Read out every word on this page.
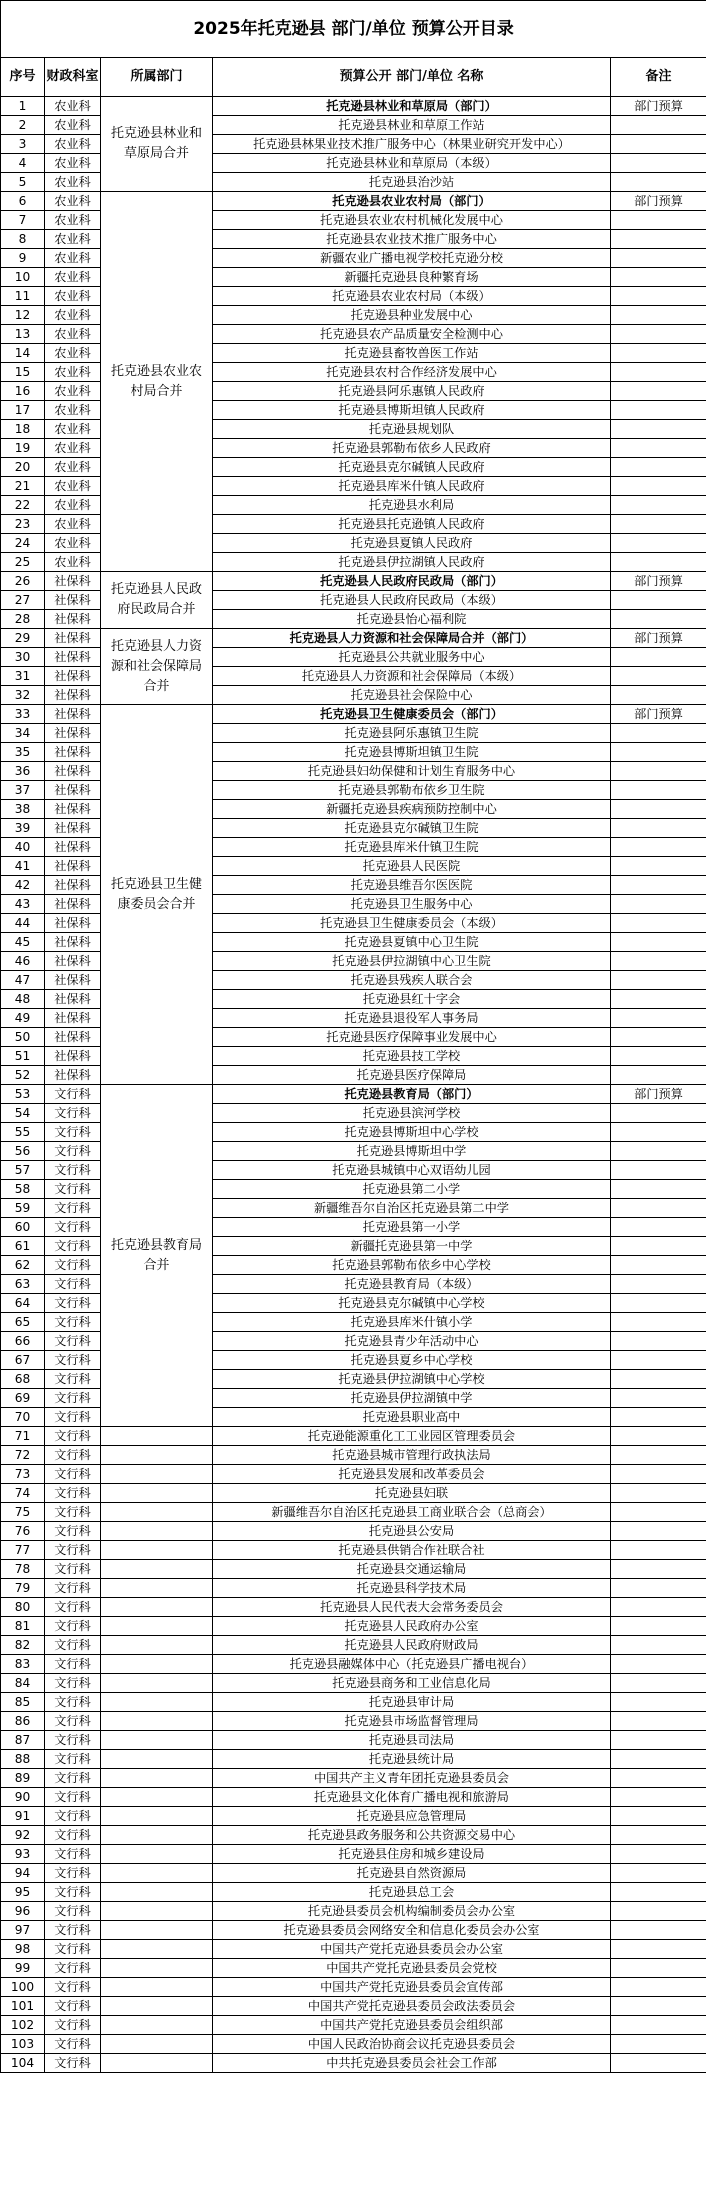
2025年托克逊县 部门/单位 预算公开目录				
序号	财政科室	所属部门	预算公开 部门/单位 名称	备注
1	农业科	托克逊县林业和草原局合并	托克逊县林业和草原局（部门）	部门预算
2	农业科		托克逊县林业和草原工作站	
3	农业科		托克逊县林果业技术推广服务中心（林果业研究开发中心）	
4	农业科		托克逊县林业和草原局（本级）	
5	农业科		托克逊县治沙站	
6	农业科	托克逊县农业农村局合并	托克逊县农业农村局（部门）	部门预算
7	农业科		托克逊县农业农村机械化发展中心	
8	农业科		托克逊县农业技术推广服务中心	
9	农业科		新疆农业广播电视学校托克逊分校	
10	农业科		新疆托克逊县良种繁育场	
11	农业科		托克逊县农业农村局（本级）	
12	农业科		托克逊县种业发展中心	
13	农业科		托克逊县农产品质量安全检测中心	
14	农业科		托克逊县畜牧兽医工作站	
15	农业科		托克逊县农村合作经济发展中心	
16	农业科		托克逊县阿乐惠镇人民政府	
17	农业科		托克逊县博斯坦镇人民政府	
18	农业科		托克逊县规划队	
19	农业科		托克逊县郭勒布依乡人民政府	
20	农业科		托克逊县克尔碱镇人民政府	
21	农业科		托克逊县库米什镇人民政府	
22	农业科		托克逊县水利局	
23	农业科		托克逊县托克逊镇人民政府	
24	农业科		托克逊县夏镇人民政府	
25	农业科		托克逊县伊拉湖镇人民政府	
26	社保科	托克逊县人民政府民政局合并	托克逊县人民政府民政局（部门）	部门预算
27	社保科		托克逊县人民政府民政局（本级）	
28	社保科		托克逊县怡心福利院	
29	社保科	托克逊县人力资源和社会保障局合并	托克逊县人力资源和社会保障局合并（部门）	部门预算
30	社保科		托克逊县公共就业服务中心	
31	社保科		托克逊县人力资源和社会保障局（本级）	
32	社保科		托克逊县社会保险中心	
33	社保科	托克逊县卫生健康委员会合并	托克逊县卫生健康委员会（部门）	部门预算
34	社保科		托克逊县阿乐惠镇卫生院	
35	社保科		托克逊县博斯坦镇卫生院	
36	社保科		托克逊县妇幼保健和计划生育服务中心	
37	社保科		托克逊县郭勒布依乡卫生院	
38	社保科		新疆托克逊县疾病预防控制中心	
39	社保科		托克逊县克尔碱镇卫生院	
40	社保科		托克逊县库米什镇卫生院	
41	社保科		托克逊县人民医院	
42	社保科		托克逊县维吾尔医医院	
43	社保科		托克逊县卫生服务中心	
44	社保科		托克逊县卫生健康委员会（本级）	
45	社保科		托克逊县夏镇中心卫生院	
46	社保科		托克逊县伊拉湖镇中心卫生院	
47	社保科		托克逊县残疾人联合会	
48	社保科		托克逊县红十字会	
49	社保科		托克逊县退役军人事务局	
50	社保科		托克逊县医疗保障事业发展中心	
51	社保科		托克逊县技工学校	
52	社保科		托克逊县医疗保障局	
53	文行科	托克逊县教育局合并	托克逊县教育局（部门）	部门预算
54	文行科		托克逊县滨河学校	
55	文行科		托克逊县博斯坦中心学校	
56	文行科		托克逊县博斯坦中学	
57	文行科		托克逊县城镇中心双语幼儿园	
58	文行科		托克逊县第二小学	
59	文行科		新疆维吾尔自治区托克逊县第二中学	
60	文行科		托克逊县第一小学	
61	文行科		新疆托克逊县第一中学	
62	文行科		托克逊县郭勒布依乡中心学校	
63	文行科		托克逊县教育局（本级）	
64	文行科		托克逊县克尔碱镇中心学校	
65	文行科		托克逊县库米什镇小学	
66	文行科		托克逊县青少年活动中心	
67	文行科		托克逊县夏乡中心学校	
68	文行科		托克逊县伊拉湖镇中心学校	
69	文行科		托克逊县伊拉湖镇中学	
70	文行科		托克逊县职业高中	
71	文行科		托克逊能源重化工工业园区管理委员会	
72	文行科		托克逊县城市管理行政执法局	
73	文行科		托克逊县发展和改革委员会	
74	文行科		托克逊县妇联	
75	文行科		新疆维吾尔自治区托克逊县工商业联合会（总商会）	
76	文行科		托克逊县公安局	
77	文行科		托克逊县供销合作社联合社	
78	文行科		托克逊县交通运输局	
79	文行科		托克逊县科学技术局	
80	文行科		托克逊县人民代表大会常务委员会	
81	文行科		托克逊县人民政府办公室	
82	文行科		托克逊县人民政府财政局	
83	文行科		托克逊县融媒体中心（托克逊县广播电视台）	
84	文行科		托克逊县商务和工业信息化局	
85	文行科		托克逊县审计局	
86	文行科		托克逊县市场监督管理局	
87	文行科		托克逊县司法局	
88	文行科		托克逊县统计局	
89	文行科		中国共产主义青年团托克逊县委员会	
90	文行科		托克逊县文化体育广播电视和旅游局	
91	文行科		托克逊县应急管理局	
92	文行科		托克逊县政务服务和公共资源交易中心	
93	文行科		托克逊县住房和城乡建设局	
94	文行科		托克逊县自然资源局	
95	文行科		托克逊县总工会	
96	文行科		托克逊县委员会机构编制委员会办公室	
97	文行科		托克逊县委员会网络安全和信息化委员会办公室	
98	文行科		中国共产党托克逊县委员会办公室	
99	文行科		中国共产党托克逊县委员会党校	
100	文行科		中国共产党托克逊县委员会宣传部	
101	文行科		中国共产党托克逊县委员会政法委员会	
102	文行科		中国共产党托克逊县委员会组织部	
103	文行科		中国人民政治协商会议托克逊县委员会	
104	文行科		中共托克逊县委员会社会工作部	
